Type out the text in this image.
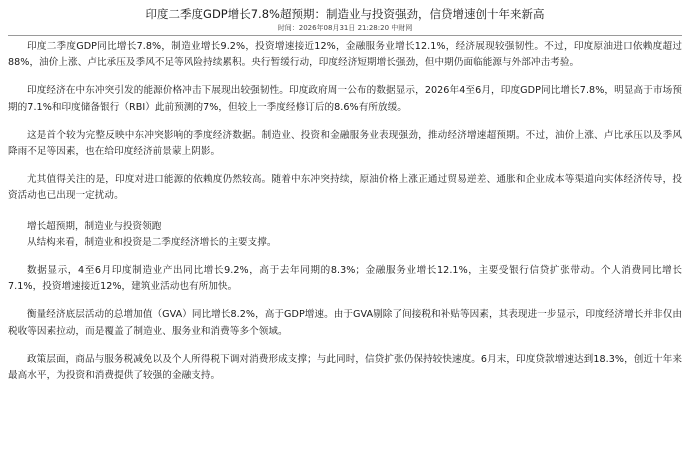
印度二季度GDP增长7.8%超预期：制造业与投资强劲，信贷增速创十年来新高
时间：2026年08月31日 21:28:20 中财网

印度二季度GDP同比增长7.8%，制造业增长9.2%，投资增速接近12%，金融服务业增长12.1%，经济展现较强韧性。不过，印度原油进口依赖度超过88%，油价上涨、卢比承压及季风不足等风险持续累积。央行暂缓行动，印度经济短期增长强劲，但中期仍面临能源与外部冲击考验。

印度经济在中东冲突引发的能源价格冲击下展现出较强韧性。印度政府周一公布的数据显示，2026年4至6月，印度GDP同比增长7.8%，明显高于市场预期的7.1%和印度储备银行（RBI）此前预测的7%，但较上一季度经修订后的8.6%有所放缓。

这是首个较为完整反映中东冲突影响的季度经济数据。制造业、投资和金融服务业表现强劲，推动经济增速超预期。不过，油价上涨、卢比承压以及季风降雨不足等因素，也在给印度经济前景蒙上阴影。

尤其值得关注的是，印度对进口能源的依赖度仍然较高。随着中东冲突持续，原油价格上涨正通过贸易逆差、通胀和企业成本等渠道向实体经济传导，投资活动也已出现一定扰动。

增长超预期，制造业与投资领跑

从结构来看，制造业和投资是二季度经济增长的主要支撑。

数据显示，4至6月印度制造业产出同比增长9.2%，高于去年同期的8.3%；金融服务业增长12.1%，主要受银行信贷扩张带动。个人消费同比增长7.1%，投资增速接近12%，建筑业活动也有所加快。

衡量经济底层活动的总增加值（GVA）同比增长8.2%，高于GDP增速。由于GVA剔除了间接税和补贴等因素，其表现进一步显示，印度经济增长并非仅由税收等因素拉动，而是覆盖了制造业、服务业和消费等多个领域。

政策层面，商品与服务税减免以及个人所得税下调对消费形成支撑；与此同时，信贷扩张仍保持较快速度。6月末，印度贷款增速达到18.3%，创近十年来最高水平，为投资和消费提供了较强的金融支持。
